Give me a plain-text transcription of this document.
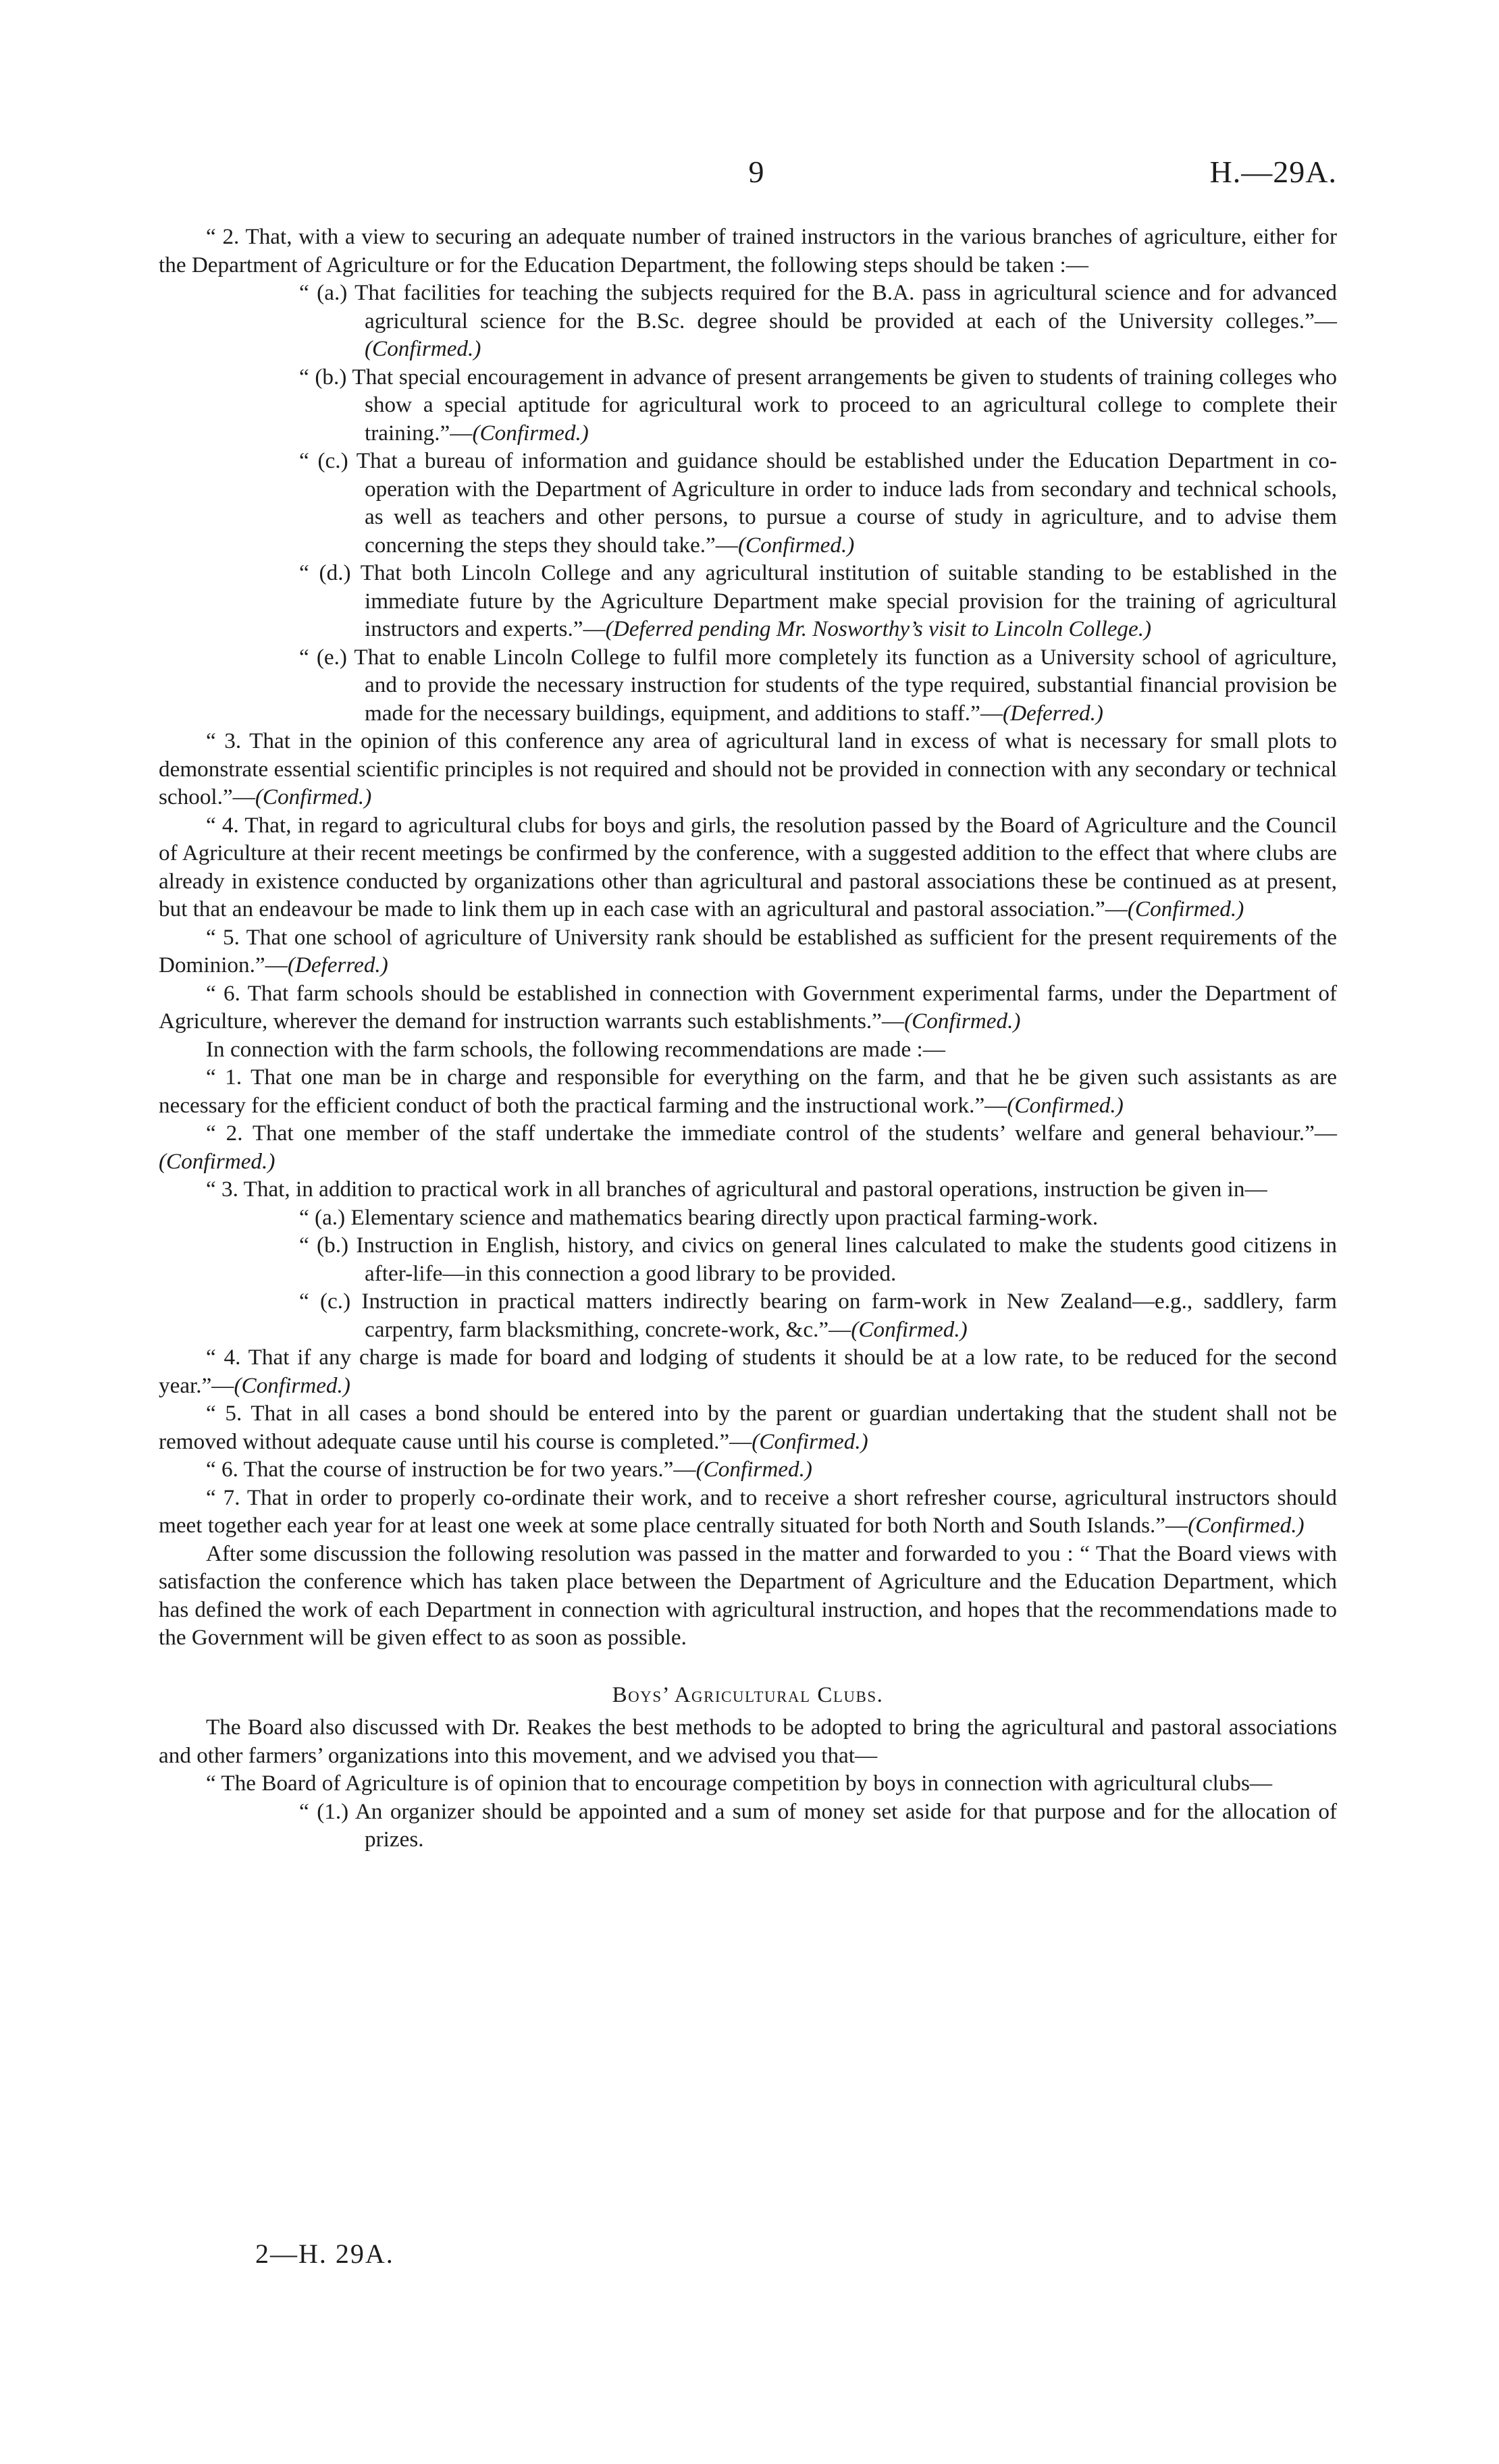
9	H.—29A.

“ 2. That, with a view to securing an adequate number of trained instructors in the various branches of agriculture, either for the Department of Agriculture or for the Education Department, the following steps should be taken :—

“ (a.) That facilities for teaching the subjects required for the B.A. pass in agricultural science and for advanced agricultural science for the B.Sc. degree should be provided at each of the University colleges.”—(Confirmed.)

“ (b.) That special encouragement in advance of present arrangements be given to students of training colleges who show a special aptitude for agricultural work to proceed to an agricultural college to complete their training.”—(Confirmed.)

“ (c.) That a bureau of information and guidance should be established under the Education Department in co-operation with the Department of Agriculture in order to induce lads from secondary and technical schools, as well as teachers and other persons, to pursue a course of study in agriculture, and to advise them concerning the steps they should take.”—(Confirmed.)

“ (d.) That both Lincoln College and any agricultural institution of suitable standing to be established in the immediate future by the Agriculture Department make special provision for the training of agricultural instructors and experts.”—(Deferred pending Mr. Nosworthy’s visit to Lincoln College.)

“ (e.) That to enable Lincoln College to fulfil more completely its function as a University school of agriculture, and to provide the necessary instruction for students of the type required, substantial financial provision be made for the necessary buildings, equipment, and additions to staff.”—(Deferred.)

“ 3. That in the opinion of this conference any area of agricultural land in excess of what is necessary for small plots to demonstrate essential scientific principles is not required and should not be provided in connection with any secondary or technical school.”—(Confirmed.)

“ 4. That, in regard to agricultural clubs for boys and girls, the resolution passed by the Board of Agriculture and the Council of Agriculture at their recent meetings be confirmed by the conference, with a suggested addition to the effect that where clubs are already in existence conducted by organizations other than agricultural and pastoral associations these be continued as at present, but that an endeavour be made to link them up in each case with an agricultural and pastoral association.”—(Confirmed.)

“ 5. That one school of agriculture of University rank should be established as sufficient for the present requirements of the Dominion.”—(Deferred.)

“ 6. That farm schools should be established in connection with Government experimental farms, under the Department of Agriculture, wherever the demand for instruction warrants such establishments.”—(Confirmed.)

In connection with the farm schools, the following recommendations are made :—

“ 1. That one man be in charge and responsible for everything on the farm, and that he be given such assistants as are necessary for the efficient conduct of both the practical farming and the instructional work.”—(Confirmed.)

“ 2. That one member of the staff undertake the immediate control of the students’ welfare and general behaviour.”—(Confirmed.)

“ 3. That, in addition to practical work in all branches of agricultural and pastoral operations, instruction be given in—

“ (a.) Elementary science and mathematics bearing directly upon practical farming-work.

“ (b.) Instruction in English, history, and civics on general lines calculated to make the students good citizens in after-life—in this connection a good library to be provided.

“ (c.) Instruction in practical matters indirectly bearing on farm-work in New Zealand—e.g., saddlery, farm carpentry, farm blacksmithing, concrete-work, &c.”—(Confirmed.)

“ 4. That if any charge is made for board and lodging of students it should be at a low rate, to be reduced for the second year.”—(Confirmed.)

“ 5. That in all cases a bond should be entered into by the parent or guardian undertaking that the student shall not be removed without adequate cause until his course is completed.”—(Confirmed.)

“ 6. That the course of instruction be for two years.”—(Confirmed.)

“ 7. That in order to properly co-ordinate their work, and to receive a short refresher course, agricultural instructors should meet together each year for at least one week at some place centrally situated for both North and South Islands.”—(Confirmed.)

After some discussion the following resolution was passed in the matter and forwarded to you : “ That the Board views with satisfaction the conference which has taken place between the Department of Agriculture and the Education Department, which has defined the work of each Department in connection with agricultural instruction, and hopes that the recommendations made to the Government will be given effect to as soon as possible.

Boys’ Agricultural Clubs.

The Board also discussed with Dr. Reakes the best methods to be adopted to bring the agricultural and pastoral associations and other farmers’ organizations into this movement, and we advised you that—

“ The Board of Agriculture is of opinion that to encourage competition by boys in connection with agricultural clubs—

“ (1.) An organizer should be appointed and a sum of money set aside for that purpose and for the allocation of prizes.

2—H. 29A.
